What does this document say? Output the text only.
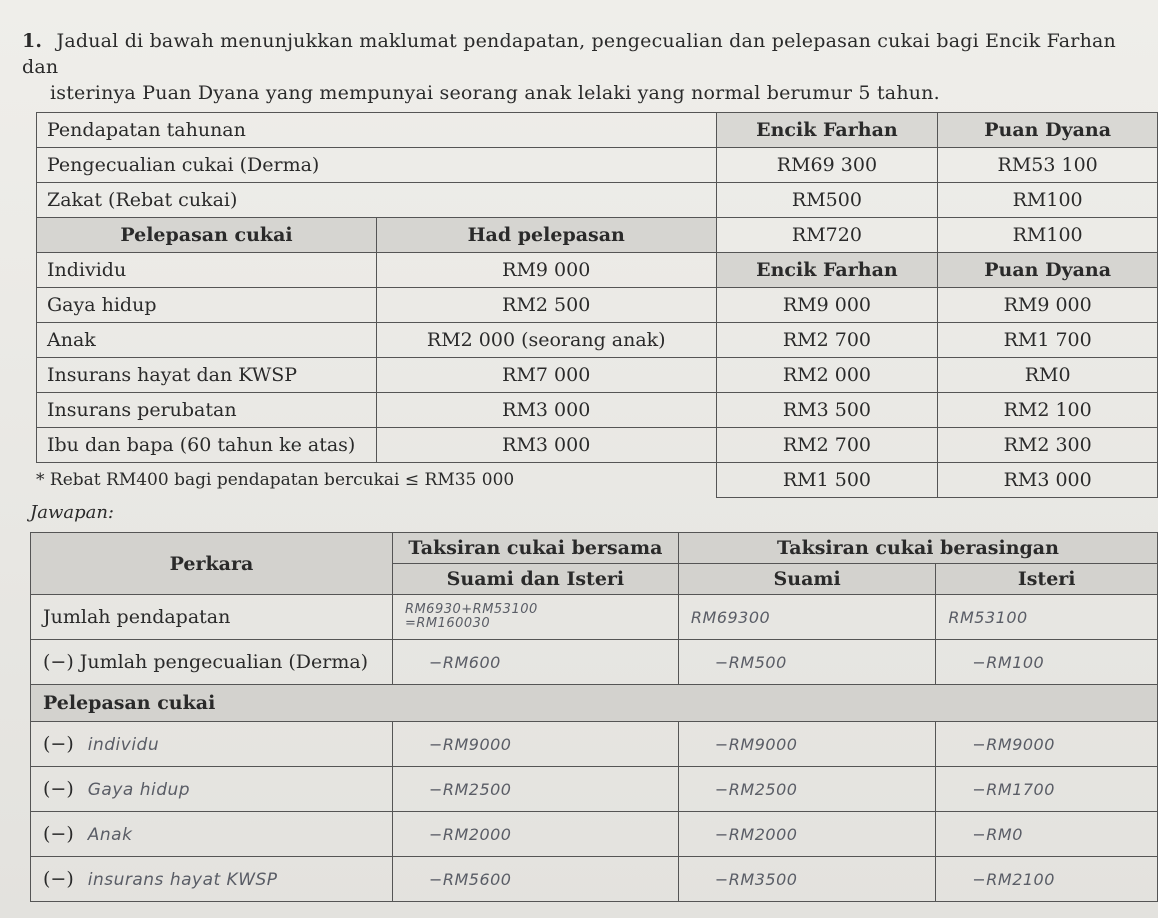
1. Jadual di bawah menunjukkan maklumat pendapatan, pengecualian dan pelepasan cukai bagi Encik Farhan dan
isterinya Puan Dyana yang mempunyai seorang anak lelaki yang normal berumur 5 tahun.
Pendapatan tahunan		Encik Farhan	Puan Dyana
Pengecualian cukai (Derma)		RM69 300	RM53 100
Zakat (Rebat cukai)		RM500	RM100
Pelepasan cukai	Had pelepasan	RM720	RM100
Individu	RM9 000	Encik Farhan	Puan Dyana
Gaya hidup	RM2 500	RM9 000	RM9 000
Anak	RM2 000 (seorang anak)	RM2 700	RM1 700
Insurans hayat dan KWSP	RM7 000	RM2 000	RM0
Insurans perubatan	RM3 000	RM3 500	RM2 100
Ibu dan bapa (60 tahun ke atas)	RM3 000	RM2 700	RM2 300
		RM1 500	RM3 000
* Rebat RM400 bagi pendapatan bercukai ≤ RM35 000
Jawapan:
Perkara	Taksiran cukai bersama	Taksiran cukai berasingan	
	Suami dan Isteri	Suami	Isteri
Jumlah pendapatan	RM6930+RM53100
=RM160030	RM69300	RM53100
(−) Jumlah pengecualian (Derma)	−RM600	−RM500	−RM100
Pelepasan cukai			
(−) individu	−RM9000	−RM9000	−RM9000
(−) Gaya hidup	−RM2500	−RM2500	−RM1700
(−) Anak	−RM2000	−RM2000	−RM0
(−) insurans hayat KWSP	−RM5600	−RM3500	−RM2100
